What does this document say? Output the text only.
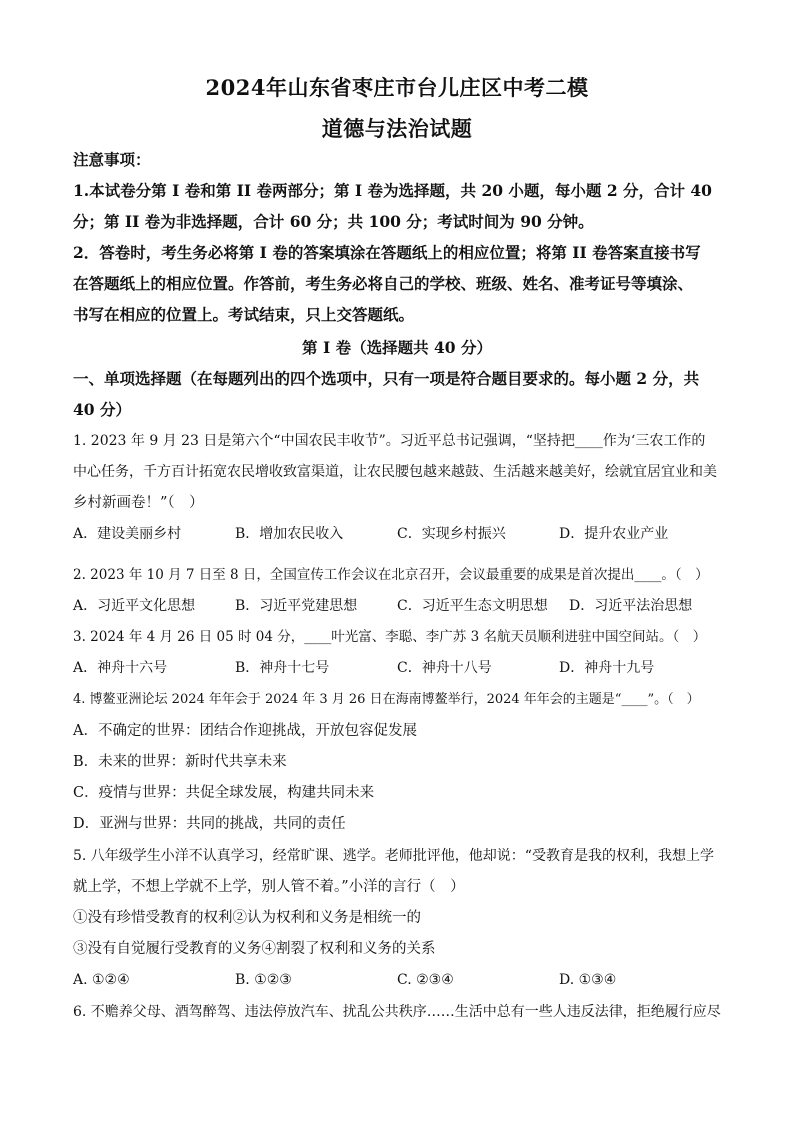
2024年山东省枣庄市台儿庄区中考二模
道德与法治试题
注意事项：
1.本试卷分第 I 卷和第 II 卷两部分；第 I 卷为选择题，共 20 小题，每小题 2 分，合计 40
分；第 II 卷为非选择题，合计 60 分；共 100 分；考试时间为 90 分钟。
2．答卷时，考生务必将第 I 卷的答案填涂在答题纸上的相应位置；将第 II 卷答案直接书写
在答题纸上的相应位置。作答前，考生务必将自己的学校、班级、姓名、准考证号等填涂、
书写在相应的位置上。考试结束，只上交答题纸。
第 I 卷（选择题共 40 分）
一、单项选择题（在每题列出的四个选项中，只有一项是符合题目要求的。每小题 2 分，共
40 分）
1. 2023 年 9 月 23 日是第六个“中国农民丰收节”。习近平总书记强调，“坚持把____作为‘三农工作的
中心任务，千方百计拓宽农民增收致富渠道，让农民腰包越来越鼓、生活越来越美好，绘就宜居宜业和美
乡村新画卷！”（　）
A．建设美丽乡村	B．增加农民收入	C．实现乡村振兴	D．提升农业产业
2. 2023 年 10 月 7 日至 8 日，全国宣传工作会议在北京召开，会议最重要的成果是首次提出____。（　）
A．习近平文化思想	B．习近平党建思想	C．习近平生态文明思想 D．习近平法治思想
3. 2024 年 4 月 26 日 05 时 04 分，____叶光富、李聪、李广苏 3 名航天员顺利进驻中国空间站。（　）
A．神舟十六号	B．神舟十七号	C．神舟十八号	D．神舟十九号
4. 博鳌亚洲论坛 2024 年年会于 2024 年 3 月 26 日在海南博鳌举行，2024 年年会的主题是“____”。（　）
A．不确定的世界：团结合作迎挑战，开放包容促发展
B．未来的世界：新时代共享未来
C．疫情与世界：共促全球发展，构建共同未来
D．亚洲与世界：共同的挑战，共同的责任
5. 八年级学生小洋不认真学习，经常旷课、逃学。老师批评他，他却说：“受教育是我的权利，我想上学
就上学，不想上学就不上学，别人管不着。”小洋的言行（　）
①没有珍惜受教育的权利②认为权利和义务是相统一的
③没有自觉履行受教育的义务④割裂了权利和义务的关系
A. ①②④	B. ①②③	C. ②③④	D. ①③④
6. 不赡养父母、酒驾醉驾、违法停放汽车、扰乱公共秩序……生活中总有一些人违反法律，拒绝履行应尽
